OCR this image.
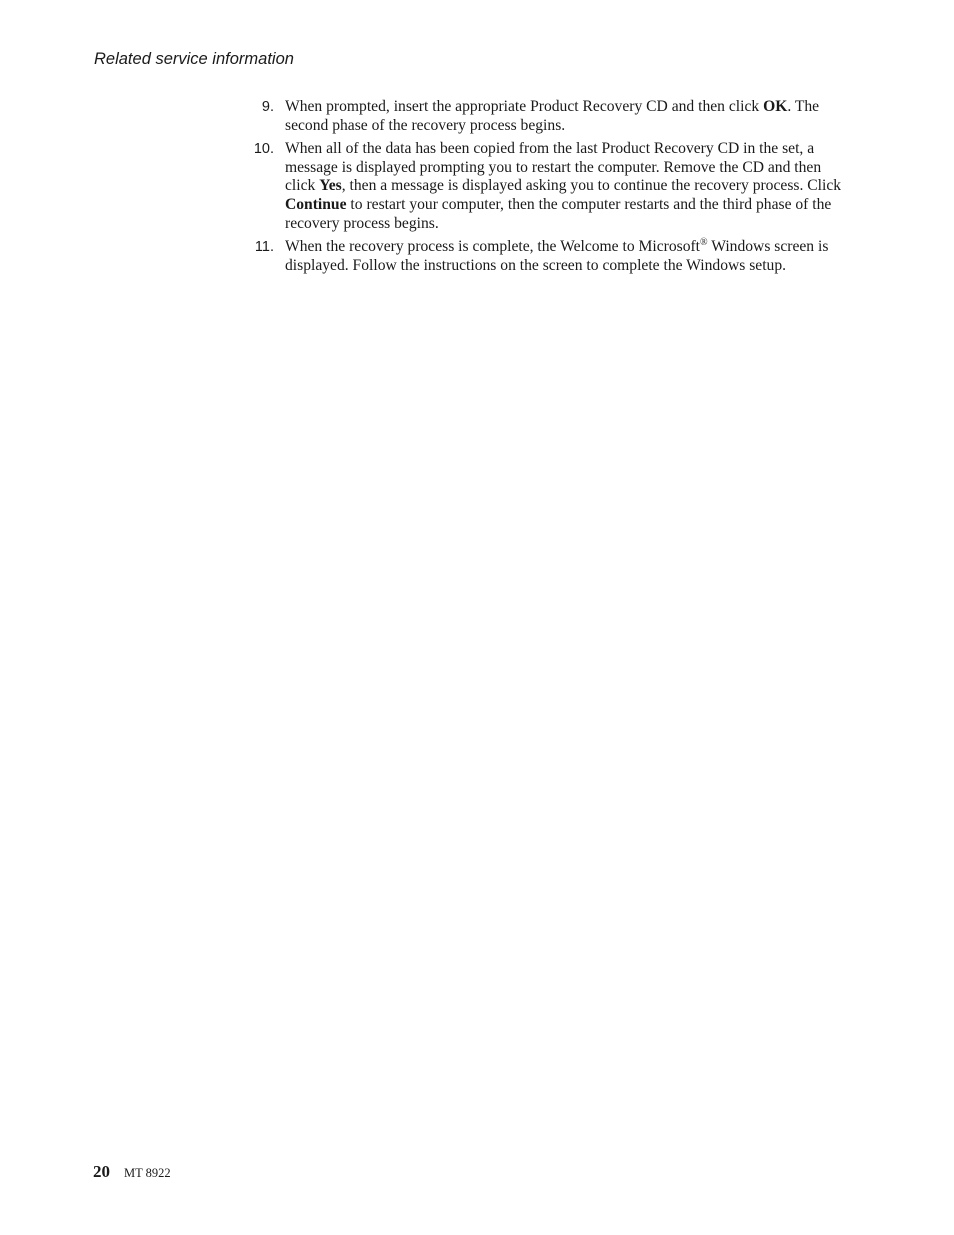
Related service information

9. When prompted, insert the appropriate Product Recovery CD and then click OK. The second phase of the recovery process begins.
10. When all of the data has been copied from the last Product Recovery CD in the set, a message is displayed prompting you to restart the computer. Remove the CD and then click Yes, then a message is displayed asking you to continue the recovery process. Click Continue to restart your computer, then the computer restarts and the third phase of the recovery process begins.
11. When the recovery process is complete, the Welcome to Microsoft® Windows screen is displayed. Follow the instructions on the screen to complete the Windows setup.

20 MT 8922
